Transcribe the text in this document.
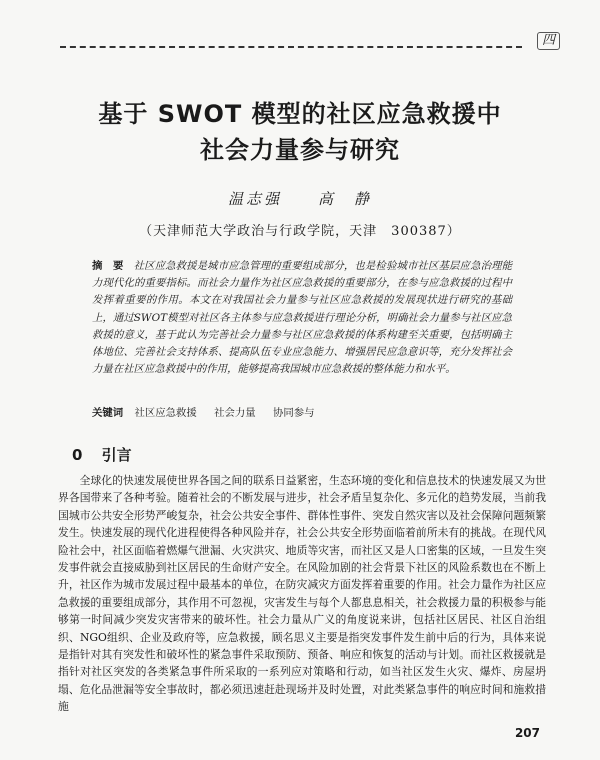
四
基于 SWOT 模型的社区应急救援中
社会力量参与研究
温志强　　高　静
（天津师范大学政治与行政学院，天津　300387）
摘　要 社区应急救援是城市应急管理的重要组成部分，也是检验城市社区基层应急治理能力现代化的重要指标。而社会力量作为社区应急救援的重要部分，在参与应急救援的过程中发挥着重要的作用。本文在对我国社会力量参与社区应急救援的发展现状进行研究的基础上，通过SWOT模型对社区各主体参与应急救援进行理论分析，明确社会力量参与社区应急救援的意义，基于此认为完善社会力量参与社区应急救援的体系构建至关重要，包括明确主体地位、完善社会支持体系、提高队伍专业应急能力、增强居民应急意识等，充分发挥社会力量在社区应急救援中的作用，能够提高我国城市应急救援的整体能力和水平。
关键词 社区应急救援 社会力量 协同参与
0 引言
全球化的快速发展使世界各国之间的联系日益紧密，生态环境的变化和信息技术的快速发展又为世界各国带来了各种考验。随着社会的不断发展与进步，社会矛盾呈复杂化、多元化的趋势发展，当前我国城市公共安全形势严峻复杂，社会公共安全事件、群体性事件、突发自然灾害以及社会保障问题频繁发生。快速发展的现代化进程使得各种风险并存，社会公共安全形势面临着前所未有的挑战。在现代风险社会中，社区面临着燃爆气泄漏、火灾洪灾、地质等灾害，而社区又是人口密集的区域，一旦发生突发事件就会直接威胁到社区居民的生命财产安全。在风险加剧的社会背景下社区的风险系数也在不断上升，社区作为城市发展过程中最基本的单位，在防灾减灾方面发挥着重要的作用。社会力量作为社区应急救援的重要组成部分，其作用不可忽视，灾害发生与每个人都息息相关，社会救援力量的积极参与能够第一时间减少突发灾害带来的破坏性。社会力量从广义的角度说来讲，包括社区居民、社区自治组织、NGO组织、企业及政府等，应急救援，顾名思义主要是指突发事件发生前中后的行为，具体来说是指针对其有突发性和破坏性的紧急事件采取预防、预备、响应和恢复的活动与计划。而社区救援就是指针对社区突发的各类紧急事件所采取的一系列应对策略和行动，如当社区发生火灾、爆炸、房屋坍塌、危化品泄漏等安全事故时，都必须迅速赶赴现场并及时处置，对此类紧急事件的响应时间和施救措施
207
